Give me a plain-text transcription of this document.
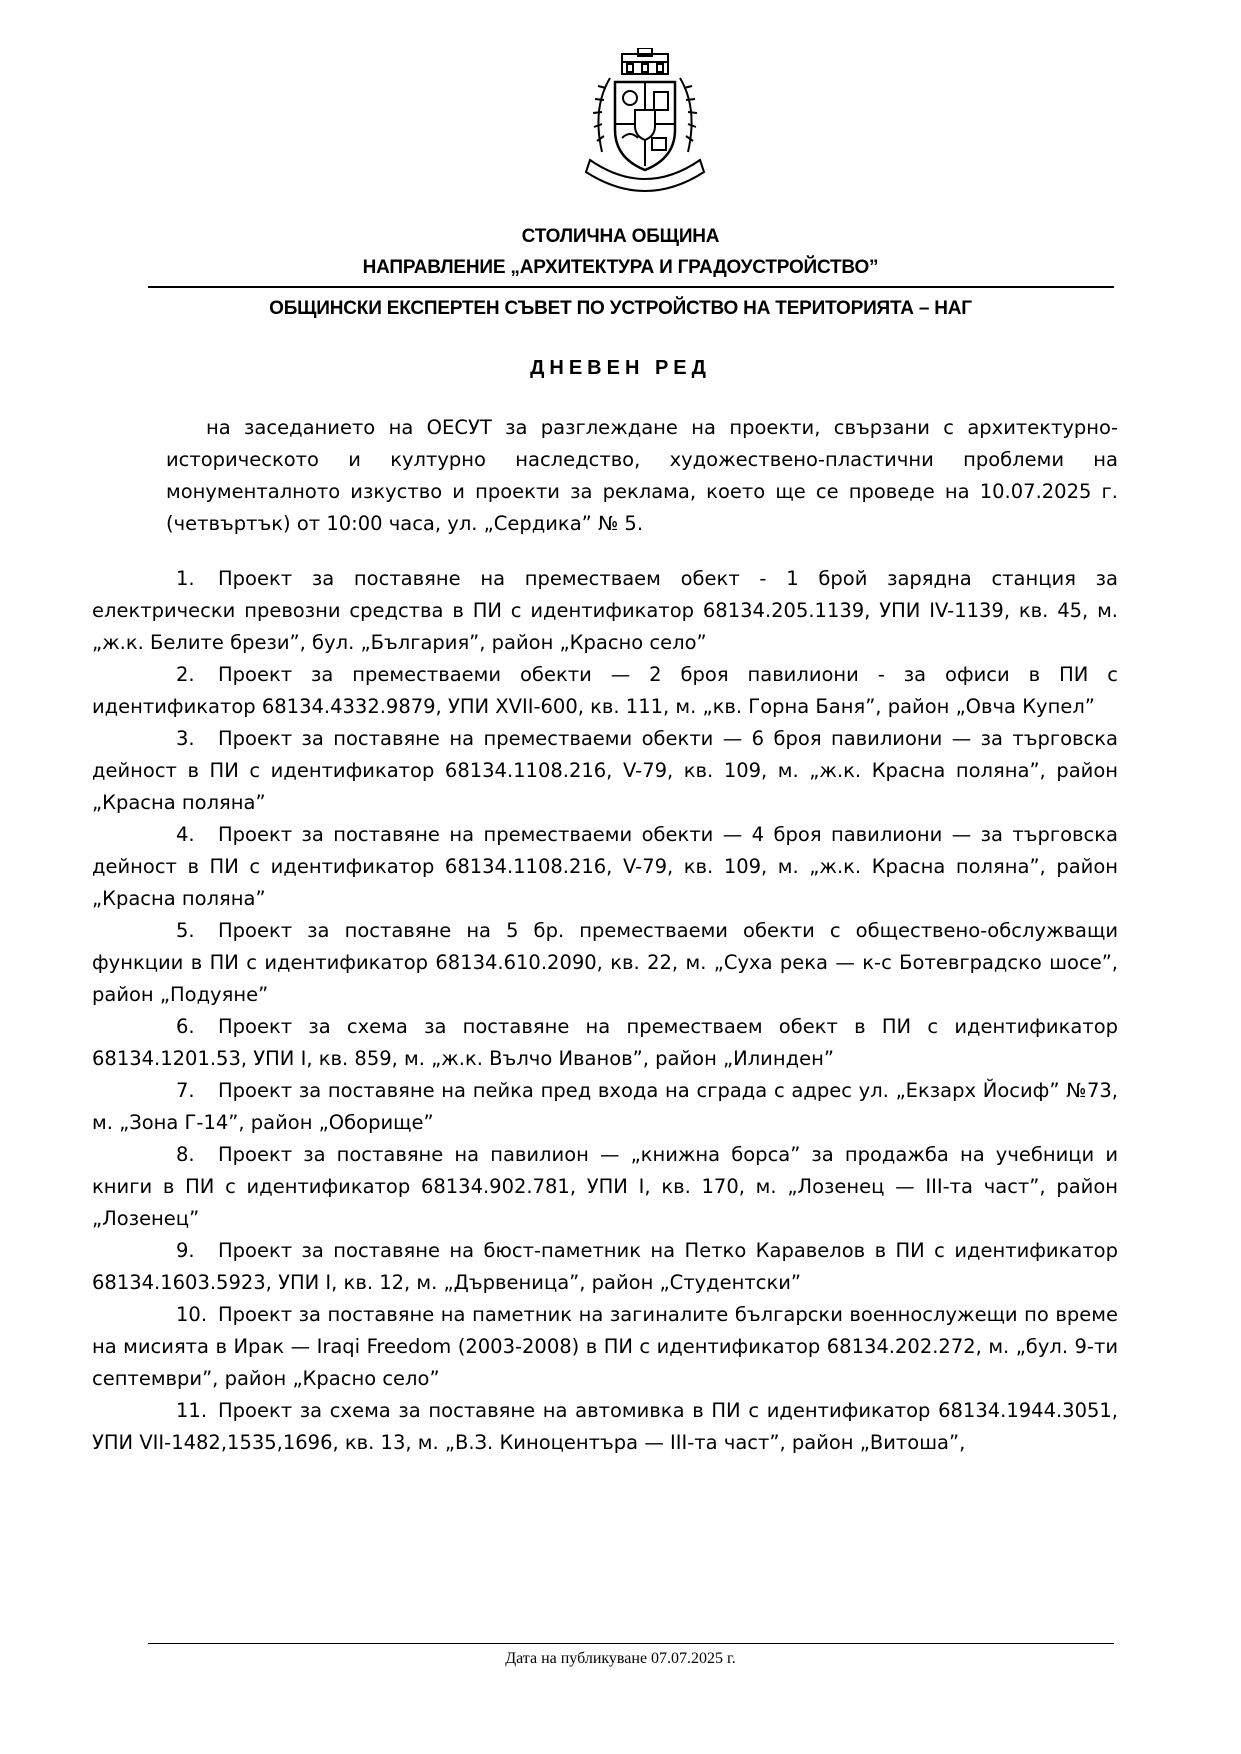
СТОЛИЧНА ОБЩИНА
НАПРАВЛЕНИЕ „АРХИТЕКТУРА И ГРАДОУСТРОЙСТВО”
ОБЩИНСКИ ЕКСПЕРТЕН СЪВЕТ ПО УСТРОЙСТВО НА ТЕРИТОРИЯТА – НАГ
ДНЕВЕН РЕД
на заседанието на ОЕСУТ за разглеждане на проекти, свързани с архитектурно-историческото и културно наследство, художествено-пластични проблеми на монументалното изкуство и проекти за реклама, което ще се проведе на 10.07.2025 г. (четвъртък) от 10:00 часа, ул. „Сердика” № 5.

1. Проект за поставяне на преместваем обект - 1 брой зарядна станция за електрически превозни средства в ПИ с идентификатор 68134.205.1139, УПИ IV-1139, кв. 45, м. „ж.к. Белите брези”, бул. „България”, район „Красно село”

2. Проект за преместваеми обекти — 2 броя павилиони - за офиси в ПИ с идентификатор 68134.4332.9879, УПИ XVII-600, кв. 111, м. „кв. Горна Баня”, район „Овча Купел”

3. Проект за поставяне на преместваеми обекти — 6 броя павилиони — за търговска дейност в ПИ с идентификатор 68134.1108.216, V-79, кв. 109, м. „ж.к. Красна поляна”, район „Красна поляна”

4. Проект за поставяне на преместваеми обекти — 4 броя павилиони — за търговска дейност в ПИ с идентификатор 68134.1108.216, V-79, кв. 109, м. „ж.к. Красна поляна”, район „Красна поляна”

5. Проект за поставяне на 5 бр. преместваеми обекти с обществено-обслужващи функции в ПИ с идентификатор 68134.610.2090, кв. 22, м. „Суха река — к-с Ботевградско шосе”, район „Подуяне”

6. Проект за схема за поставяне на преместваем обект в ПИ с идентификатор 68134.1201.53, УПИ I, кв. 859, м. „ж.к. Вълчо Иванов”, район „Илинден”

7. Проект за поставяне на пейка пред входа на сграда с адрес ул. „Екзарх Йосиф” №73, м. „Зона Г-14”, район „Оборище”

8. Проект за поставяне на павилион — „книжна борса” за продажба на учебници и книги в ПИ с идентификатор 68134.902.781, УПИ I, кв. 170, м. „Лозенец — III-та част”, район „Лозенец”

9. Проект за поставяне на бюст-паметник на Петко Каравелов в ПИ с идентификатор 68134.1603.5923, УПИ I, кв. 12, м. „Дървеница”, район „Студентски”

10. Проект за поставяне на паметник на загиналите български военнослужещи по време на мисията в Ирак — Iraqi Freedom (2003-2008) в ПИ с идентификатор 68134.202.272, м. „бул. 9-ти септември”, район „Красно село”

11. Проект за схема за поставяне на автомивка в ПИ с идентификатор 68134.1944.3051, УПИ VII-1482,1535,1696, кв. 13, м. „В.З. Киноцентъра — III-та част”, район „Витоша”,

Дата на публикуване 07.07.2025 г.
